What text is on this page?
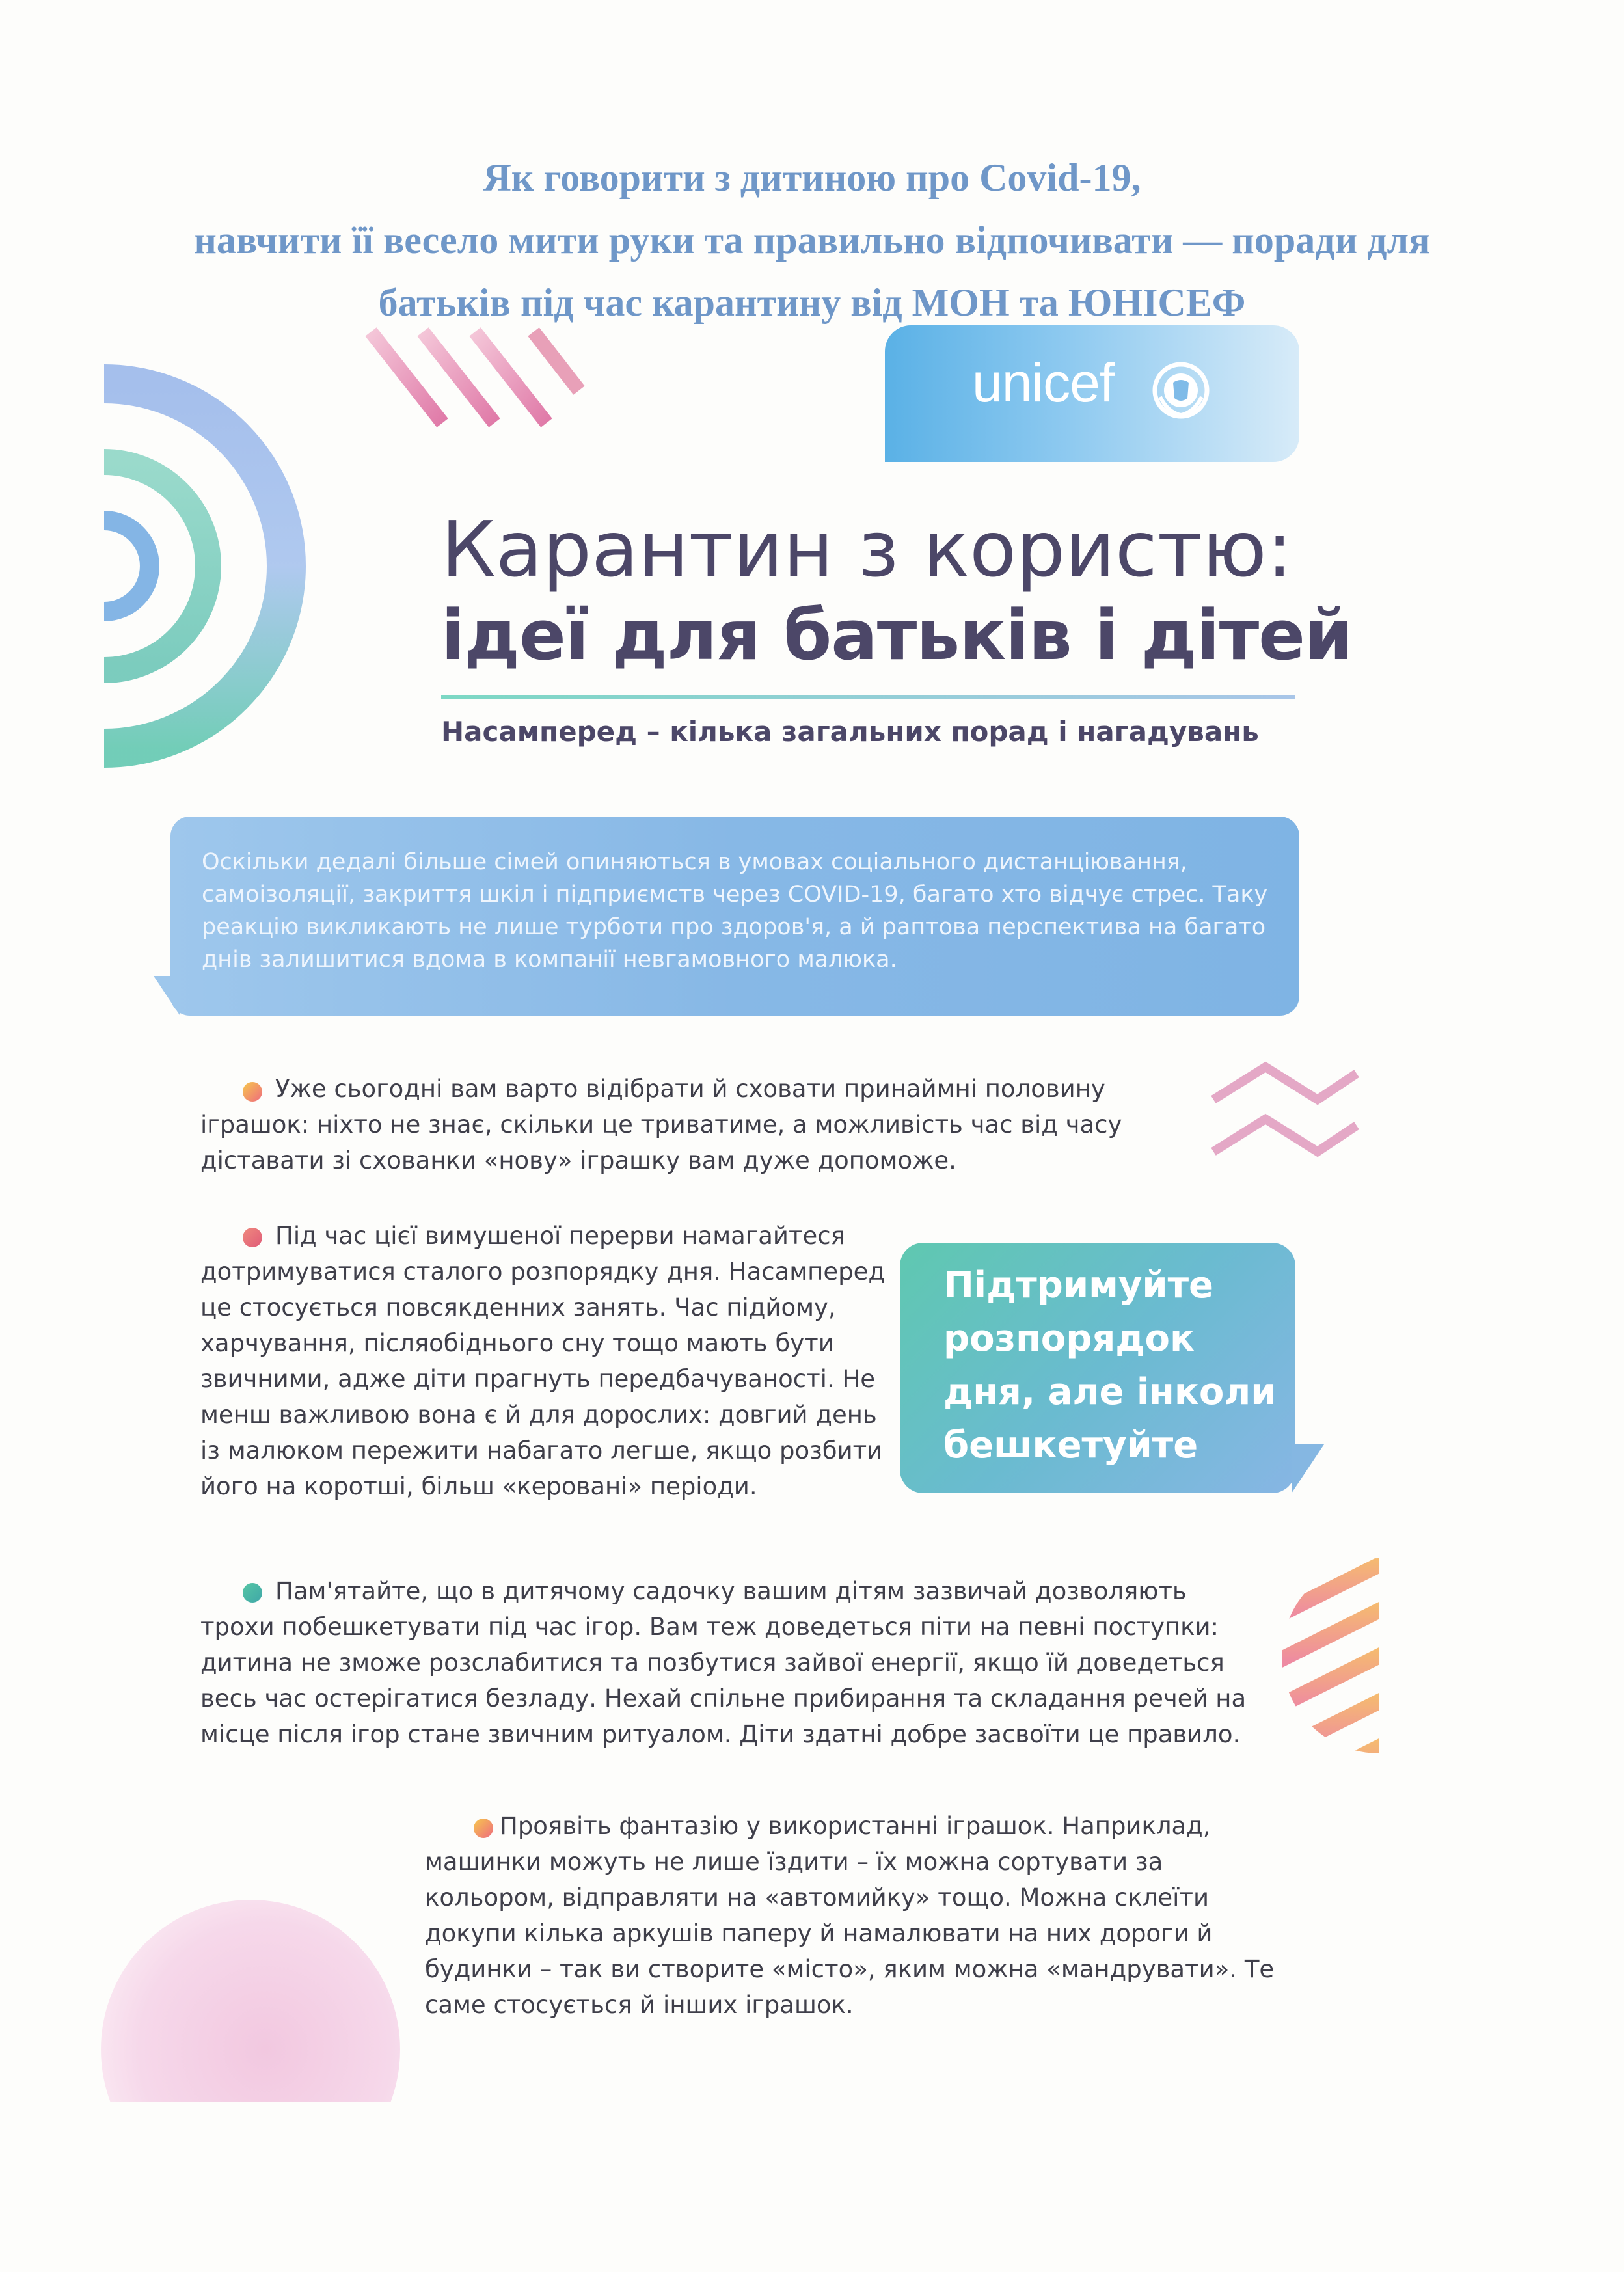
Як говорити з дитиною про Covid-19,
навчити її весело мити руки та правильно відпочивати — поради для
батьків під час карантину від МОН та ЮНІСЕФ
unicef
Карантин з користю:
ідеї для батьків і дітей
Насамперед – кілька загальних порад і нагадувань
Оскільки дедалі більше сімей опиняються в умовах соціального дистанціювання, самоізоляції, закриття шкіл і підприємств через COVID-19, багато хто відчує стрес. Таку реакцію викликають не лише турботи про здоров'я, а й раптова перспектива на багато днів залишитися вдома в компанії невгамовного малюка.
Уже сьогодні вам варто відібрати й сховати принаймні половину іграшок: ніхто не знає, скільки це триватиме, а можливість час від часу діставати зі схованки «нову» іграшку вам дуже допоможе.
Під час цієї вимушеної перерви намагайтеся дотримуватися сталого розпорядку дня. Насамперед це стосується повсякденних занять. Час підйому, харчування, післяобіднього сну тощо мають бути звичними, адже діти прагнуть передбачуваності. Не менш важливою вона є й для дорослих: довгий день із малюком пережити набагато легше, якщо розбити його на коротші, більш «керовані» періоди.
Підтримуйте розпорядок дня, але інколи бешкетуйте
Пам'ятайте, що в дитячому садочку вашим дітям зазвичай дозволяють трохи побешкетувати під час ігор. Вам теж доведеться піти на певні поступки: дитина не зможе розслабитися та позбутися зайвої енергії, якщо їй доведеться весь час остерігатися безладу. Нехай спільне прибирання та складання речей на місце після ігор стане звичним ритуалом. Діти здатні добре засвоїти це правило.
Проявіть фантазію у використанні іграшок. Наприклад, машинки можуть не лише їздити – їх можна сортувати за кольором, відправляти на «автомийку» тощо. Можна склеїти докупи кілька аркушів паперу й намалювати на них дороги й будинки – так ви створите «місто», яким можна «мандрувати». Те саме стосується й інших іграшок.
